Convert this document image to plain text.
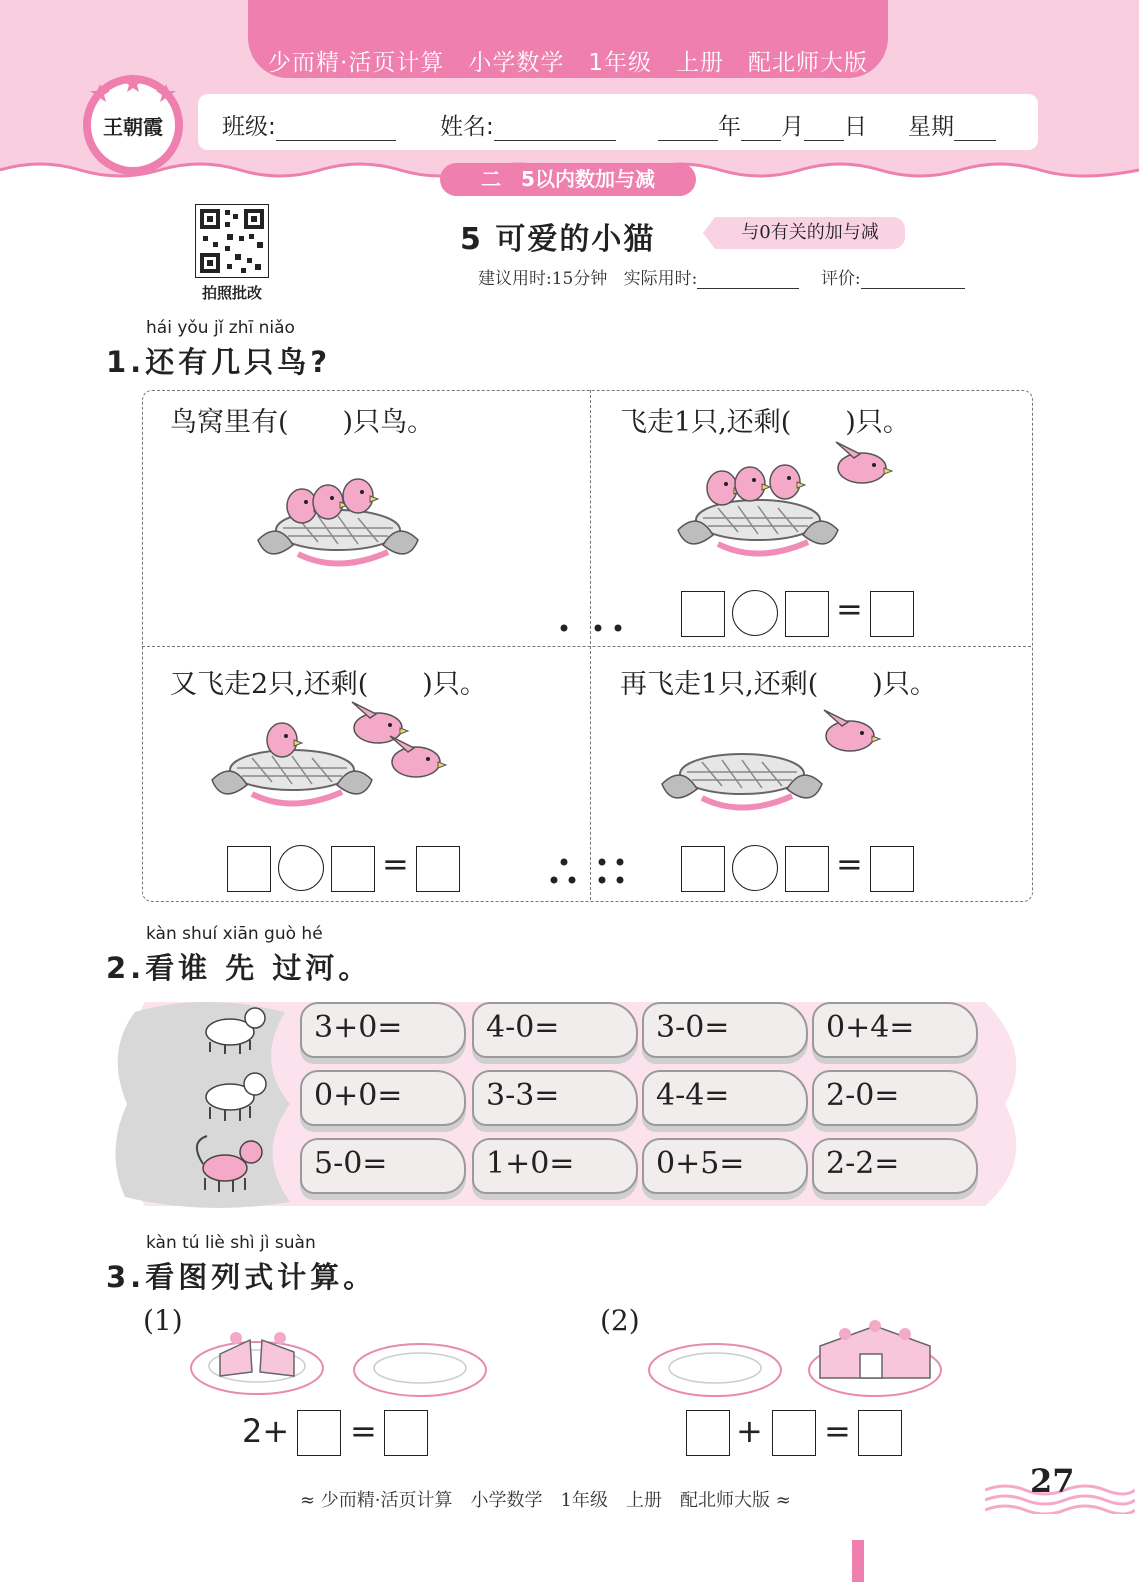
少而精·活页计算　小学数学　1年级　上册　配北师大版
班级:	姓名:	年 月 日 星期
二　5以内数加与减
王朝霞
拍照批改
5 可爱的小猫	与0有关的加与减
建议用时:15分钟 实际用时:	评价:
hái yǒu jǐ zhī niǎo
1.还有几只鸟?
鸟窝里有(　　)只鸟。	飞走1只,还剩(　　)只。
又飞走2只,还剩(　　)只。	再飞走1只,还剩(　　)只。
=
=	=
kàn shuí xiān guò hé
2.看谁 先 过河。
3+0=	4-0=	3-0=	0+4=
0+0=	3-3=	4-4=	2-0=
5-0=	1+0=	0+5=	2-2=
kàn tú liè shì jì suàn
3.看图列式计算。
(1)	(2)
2+ =	+ =
≈ 少而精·活页计算　小学数学　1年级　上册　配北师大版 ≈
27
